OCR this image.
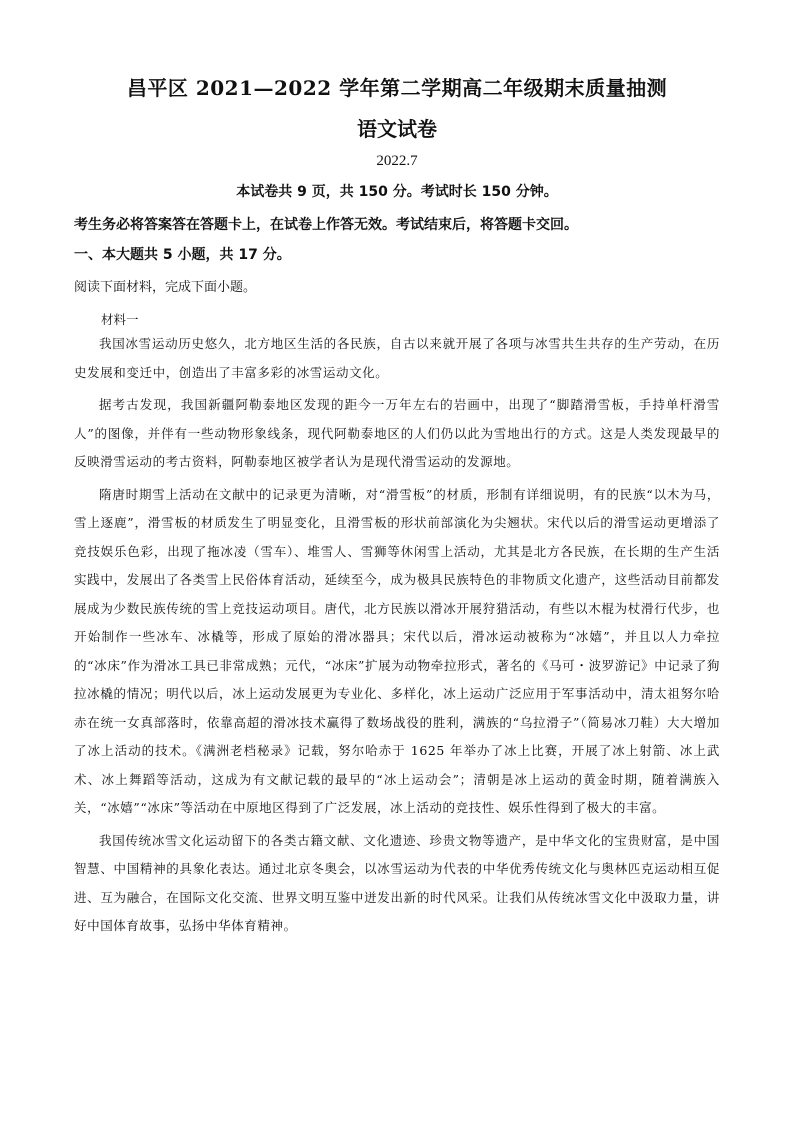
昌平区 2021—2022 学年第二学期高二年级期末质量抽测
语文试卷
2022.7
本试卷共 9 页，共 150 分。考试时长 150 分钟。
考生务必将答案答在答题卡上，在试卷上作答无效。考试结束后，将答题卡交回。
一、本大题共 5 小题，共 17 分。
阅读下面材料，完成下面小题。
材料一

我国冰雪运动历史悠久，北方地区生活的各民族，自古以来就开展了各项与冰雪共生共存的生产劳动，在历史发展和变迁中，创造出了丰富多彩的冰雪运动文化。

据考古发现，我国新疆阿勒泰地区发现的距今一万年左右的岩画中，出现了“脚踏滑雪板，手持单杆滑雪人”的图像，并伴有一些动物形象线条，现代阿勒泰地区的人们仍以此为雪地出行的方式。这是人类发现最早的反映滑雪运动的考古资料，阿勒泰地区被学者认为是现代滑雪运动的发源地。

隋唐时期雪上活动在文献中的记录更为清晰，对“滑雪板”的材质，形制有详细说明，有的民族“以木为马，雪上逐鹿”，滑雪板的材质发生了明显变化，且滑雪板的形状前部演化为尖翘状。宋代以后的滑雪运动更增添了竞技娱乐色彩，出现了拖冰凌（雪车）、堆雪人、雪狮等休闲雪上活动，尤其是北方各民族，在长期的生产生活实践中，发展出了各类雪上民俗体育活动，延续至今，成为极具民族特色的非物质文化遗产，这些活动目前都发展成为少数民族传统的雪上竞技运动项目。唐代，北方民族以滑冰开展狩猎活动，有些以木棍为杖滑行代步，也开始制作一些冰车、冰橇等，形成了原始的滑冰器具；宋代以后，滑冰运动被称为“冰嬉”，并且以人力牵拉的“冰床”作为滑冰工具已非常成熟；元代，“冰床”扩展为动物牵拉形式，著名的《马可・波罗游记》中记录了狗拉冰橇的情况；明代以后，冰上运动发展更为专业化、多样化，冰上运动广泛应用于军事活动中，清太祖努尔哈赤在统一女真部落时，依靠高超的滑冰技术赢得了数场战役的胜利，满族的“乌拉滑子”（简易冰刀鞋）大大增加了冰上活动的技术。《满洲老档秘录》记载，努尔哈赤于 1625 年举办了冰上比赛，开展了冰上射箭、冰上武术、冰上舞蹈等活动，这成为有文献记载的最早的“冰上运动会”；清朝是冰上运动的黄金时期，随着满族入关，“冰嬉”“冰床”等活动在中原地区得到了广泛发展，冰上活动的竞技性、娱乐性得到了极大的丰富。

我国传统冰雪文化运动留下的各类古籍文献、文化遗迹、珍贵文物等遗产，是中华文化的宝贵财富，是中国智慧、中国精神的具象化表达。通过北京冬奥会，以冰雪运动为代表的中华优秀传统文化与奥林匹克运动相互促进、互为融合，在国际文化交流、世界文明互鉴中迸发出新的时代风采。让我们从传统冰雪文化中汲取力量，讲好中国体育故事，弘扬中华体育精神。
